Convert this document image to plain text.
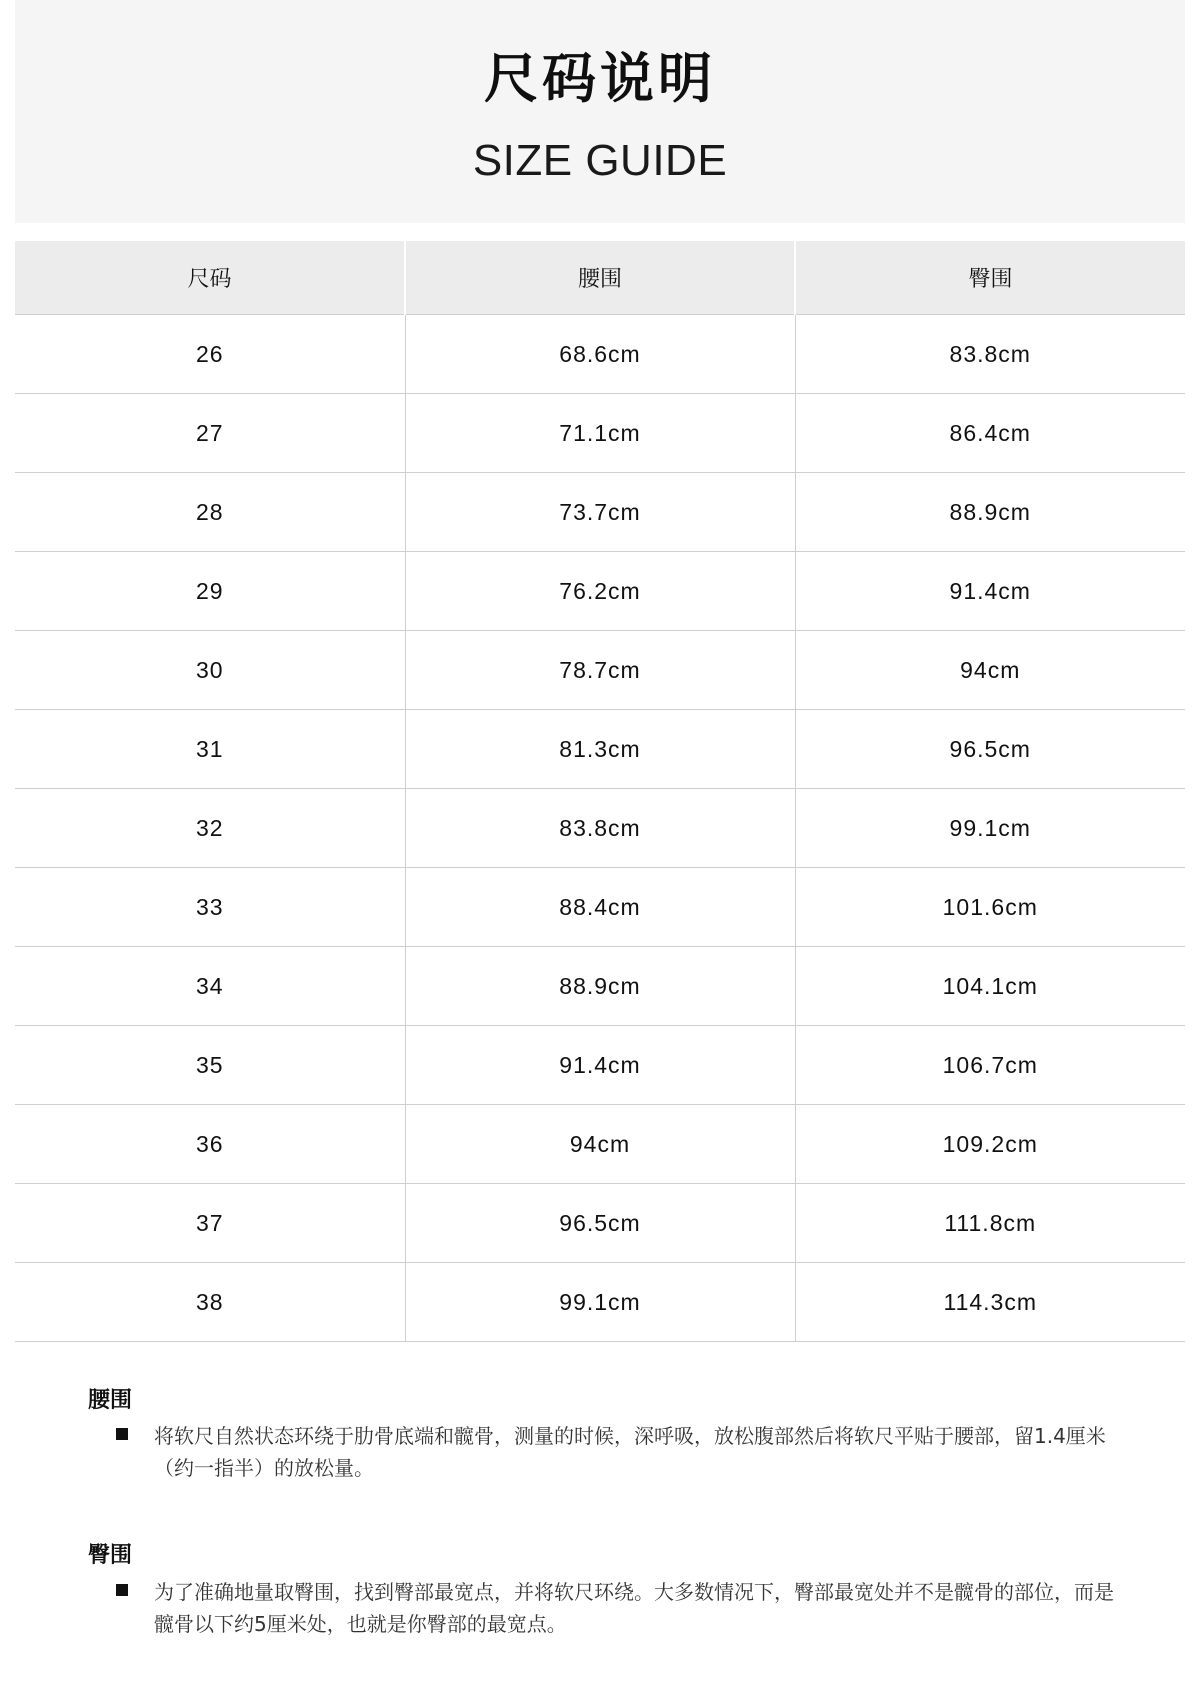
尺码说明
SIZE GUIDE
尺码	腰围	臀围
26	68.6cm	83.8cm
27	71.1cm	86.4cm
28	73.7cm	88.9cm
29	76.2cm	91.4cm
30	78.7cm	94cm
31	81.3cm	96.5cm
32	83.8cm	99.1cm
33	88.4cm	101.6cm
34	88.9cm	104.1cm
35	91.4cm	106.7cm
36	94cm	109.2cm
37	96.5cm	111.8cm
38	99.1cm	114.3cm
腰围
将软尺自然状态环绕于肋骨底端和髋骨，测量的时候，深呼吸，放松腹部然后将软尺平贴于腰部，留1.4厘米（约一指半）的放松量。
臀围
为了准确地量取臀围，找到臀部最宽点，并将软尺环绕。大多数情况下，臀部最宽处并不是髋骨的部位，而是髋骨以下约5厘米处，也就是你臀部的最宽点。
